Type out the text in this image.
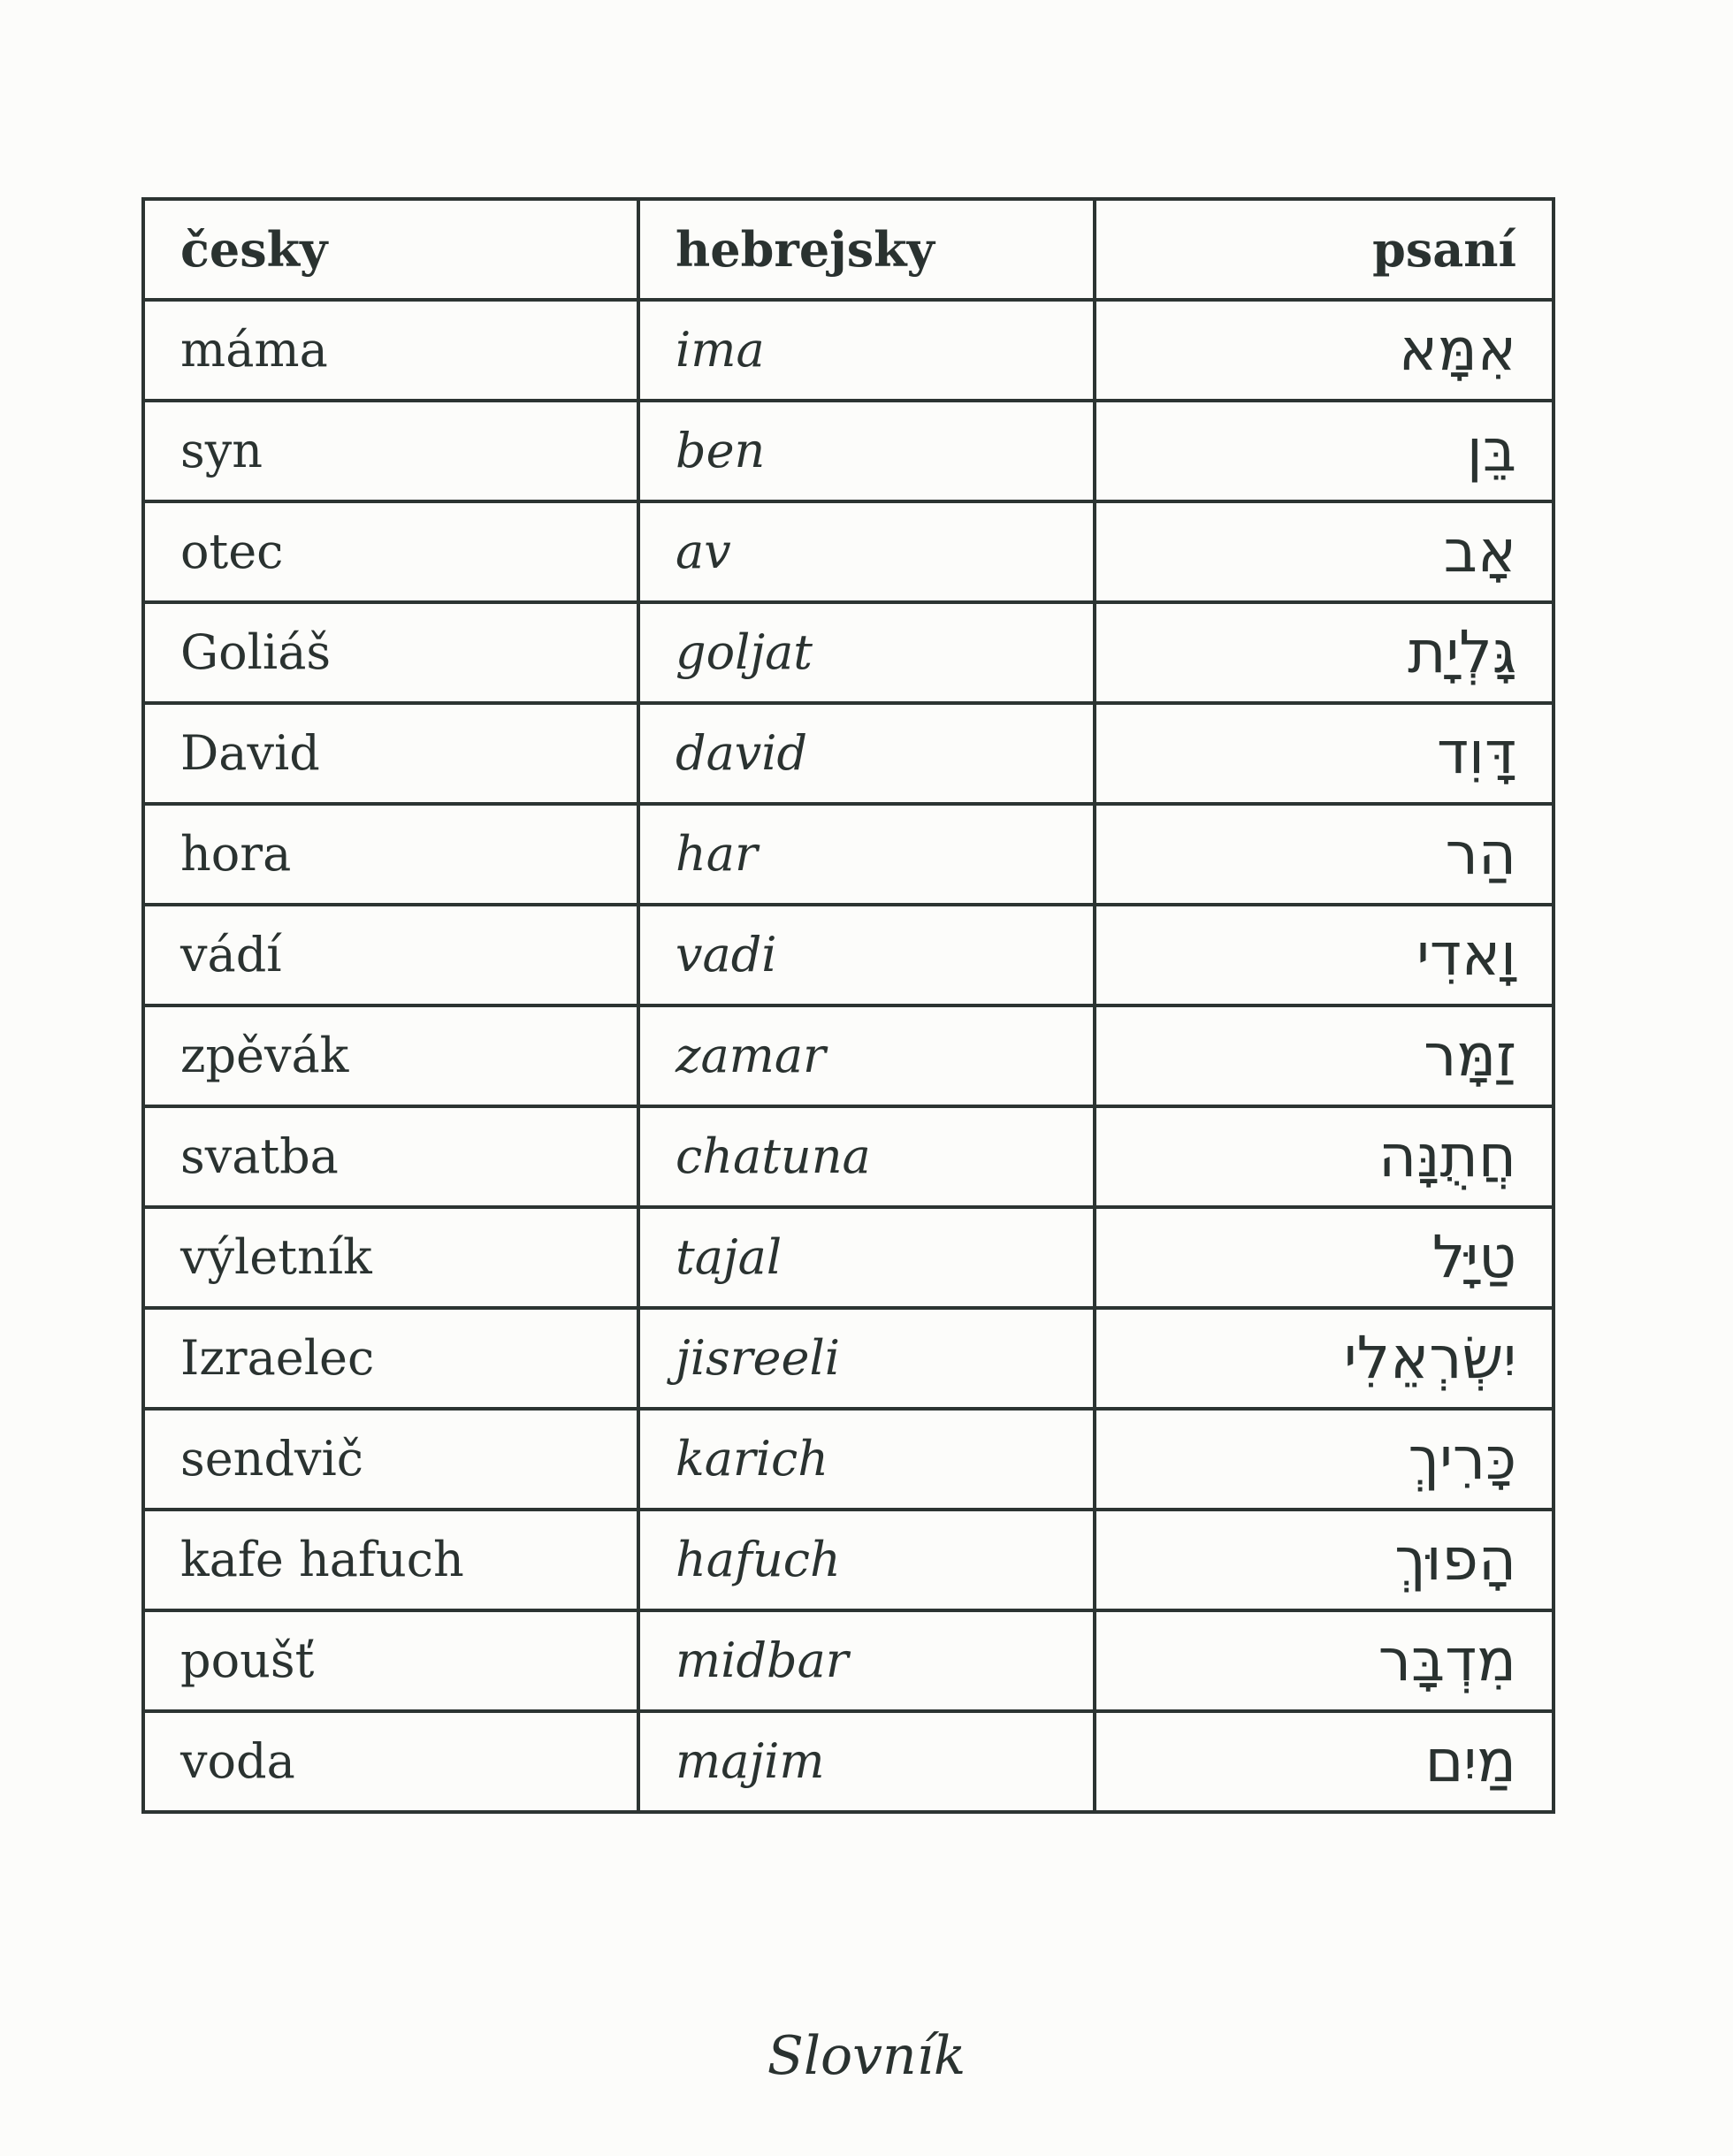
česky	hebrejsky	psaní
máma	ima	אִמָּא
syn	ben	בֵּן
otec	av	אָב
Goliáš	goljat	גָּלְיָת
David	david	דָּוִד
hora	har	הַר
vádí	vadi	וָאדִי
zpěvák	zamar	זַמָּר
svatba	chatuna	חֲתֻנָּה
výletník	tajal	טַיָּל
Izraelec	jisreeli	יִשְׂרְאֵלִי
sendvič	karich	כָּרִיךְ
kafe hafuch	hafuch	הָפוּךְ
poušť	midbar	מִדְבָּר
voda	majim	מַיִם
Slovník
